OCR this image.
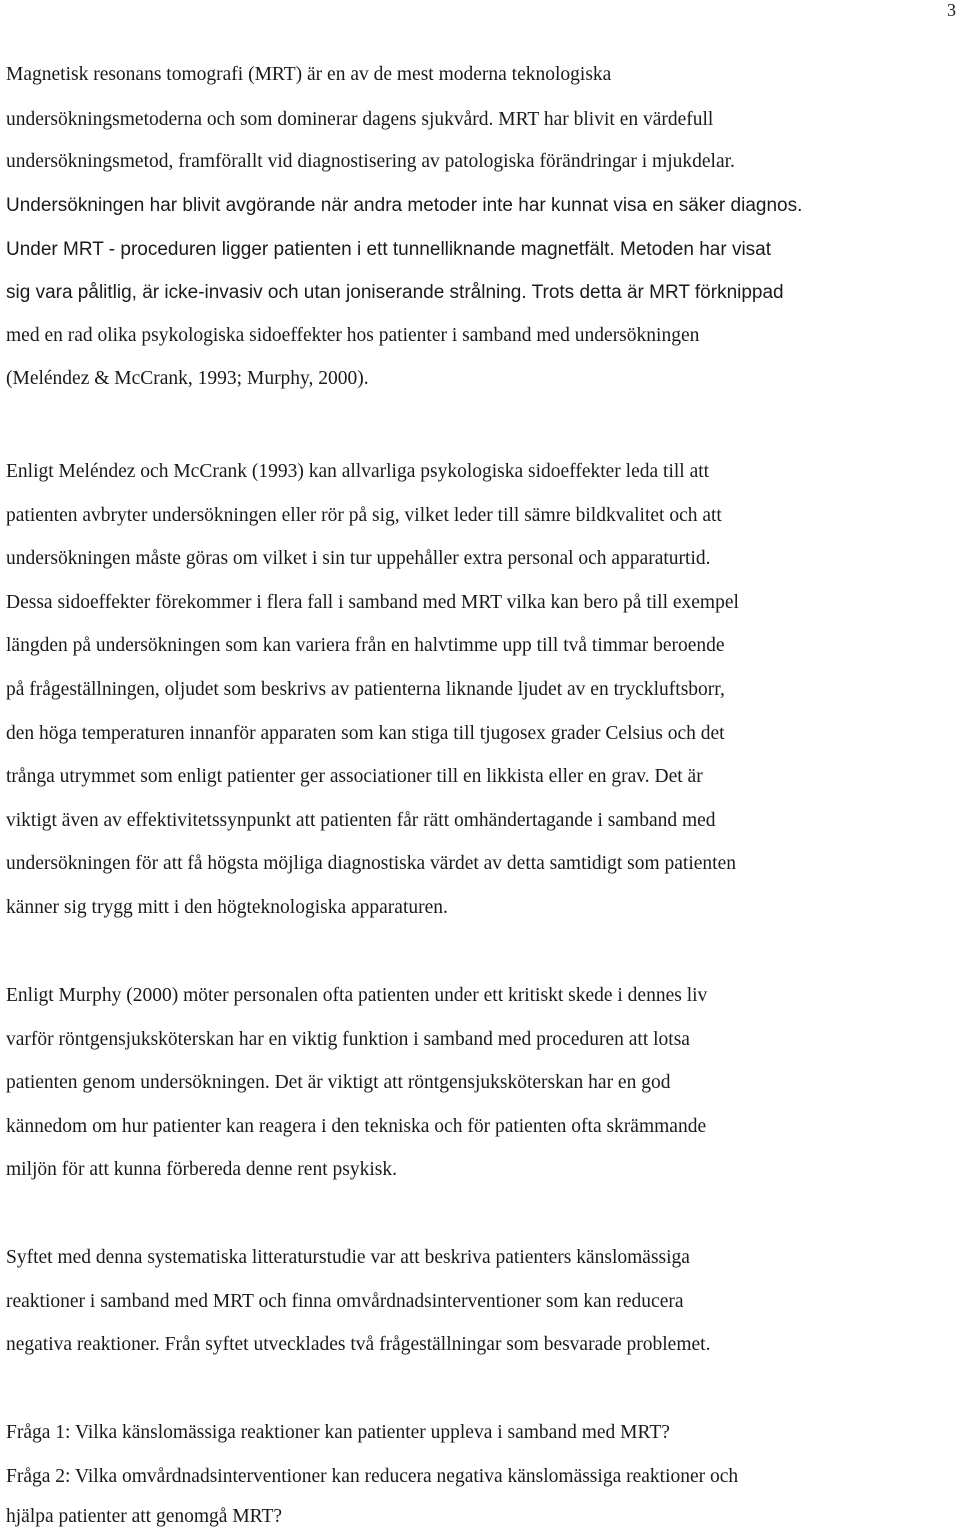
3
Magnetisk resonans tomografi (MRT) är en av de mest moderna teknologiska
undersökningsmetoderna och som dominerar dagens sjukvård. MRT har blivit en värdefull
undersökningsmetod, framförallt vid diagnostisering av patologiska förändringar i mjukdelar.
Undersökningen har blivit avgörande när andra metoder inte har kunnat visa en säker diagnos.
Under MRT - proceduren ligger patienten i ett tunnelliknande magnetfält. Metoden har visat
sig vara pålitlig, är icke-invasiv och utan joniserande strålning. Trots detta är MRT förknippad
med en rad olika psykologiska sidoeffekter hos patienter i samband med undersökningen
(Meléndez & McCrank, 1993; Murphy, 2000).
Enligt Meléndez och McCrank (1993) kan allvarliga psykologiska sidoeffekter leda till att
patienten avbryter undersökningen eller rör på sig, vilket leder till sämre bildkvalitet och att
undersökningen måste göras om vilket i sin tur uppehåller extra personal och apparaturtid.
Dessa sidoeffekter förekommer i flera fall i samband med MRT vilka kan bero på till exempel
längden på undersökningen som kan variera från en halvtimme upp till två timmar beroende
på frågeställningen, oljudet som beskrivs av patienterna liknande ljudet av en tryckluftsborr,
den höga temperaturen innanför apparaten som kan stiga till tjugosex grader Celsius och det
trånga utrymmet som enligt patienter ger associationer till en likkista eller en grav. Det är
viktigt även av effektivitetssynpunkt att patienten får rätt omhändertagande i samband med
undersökningen för att få högsta möjliga diagnostiska värdet av detta samtidigt som patienten
känner sig trygg mitt i den högteknologiska apparaturen.
Enligt Murphy (2000) möter personalen ofta patienten under ett kritiskt skede i dennes liv
varför röntgensjuksköterskan har en viktig funktion i samband med proceduren att lotsa
patienten genom undersökningen. Det är viktigt att röntgensjuksköterskan har en god
kännedom om hur patienter kan reagera i den tekniska och för patienten ofta skrämmande
miljön för att kunna förbereda denne rent psykisk.
Syftet med denna systematiska litteraturstudie var att beskriva patienters känslomässiga
reaktioner i samband med MRT och finna omvårdnadsinterventioner som kan reducera
negativa reaktioner. Från syftet utvecklades två frågeställningar som besvarade problemet.
Fråga 1: Vilka känslomässiga reaktioner kan patienter uppleva i samband med MRT?
Fråga 2: Vilka omvårdnadsinterventioner kan reducera negativa känslomässiga reaktioner och
hjälpa patienter att genomgå MRT?
